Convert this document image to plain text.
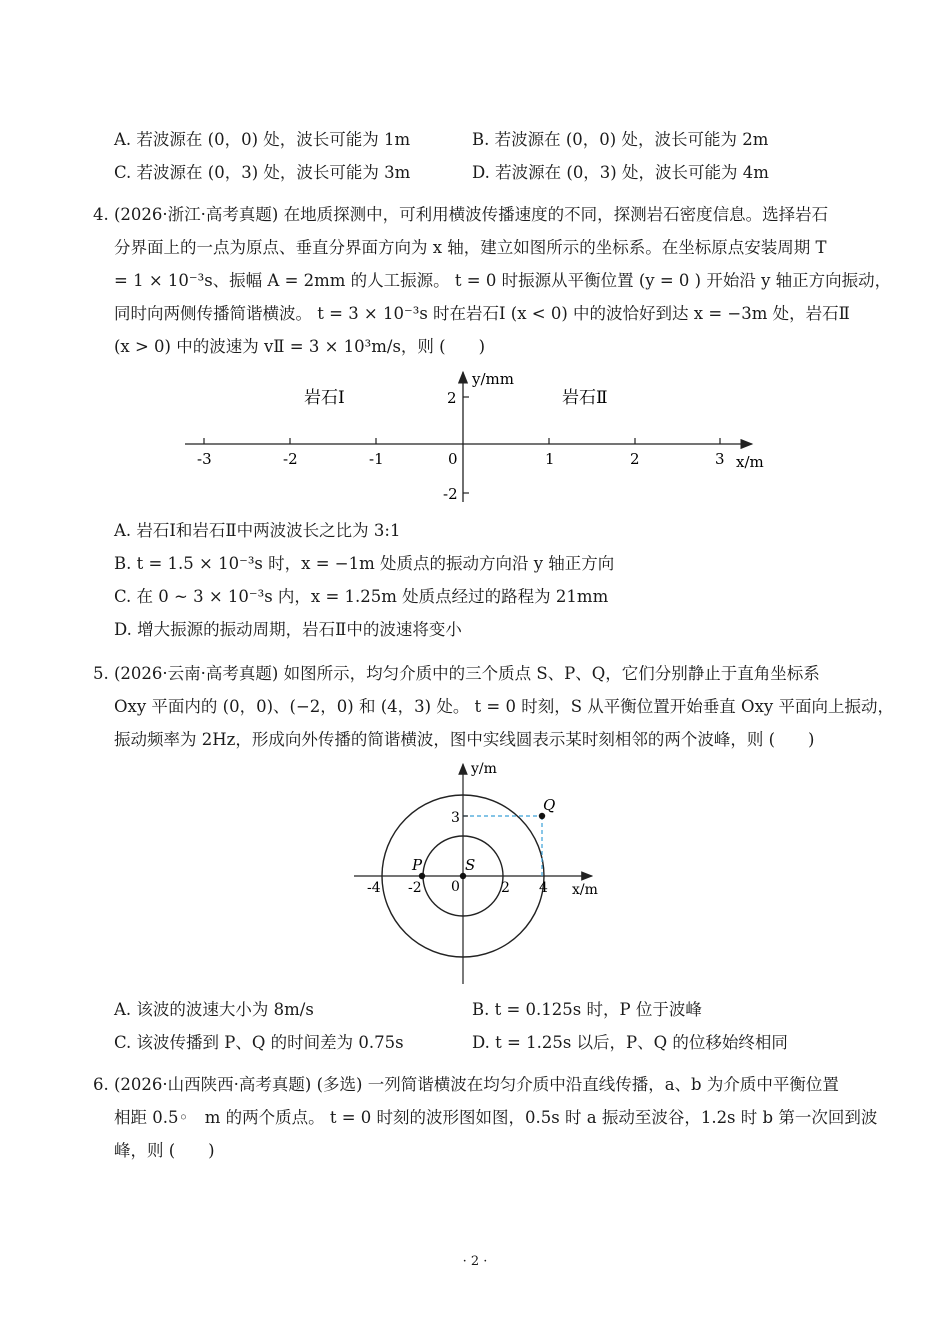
A. 若波源在 (0，0) 处，波长可能为 1m	B. 若波源在 (0，0) 处，波长可能为 2m
C. 若波源在 (0，3) 处，波长可能为 3m	D. 若波源在 (0，3) 处，波长可能为 4m
4. (2026·浙江·高考真题) 在地质探测中，可利用横波传播速度的不同，探测岩石密度信息。选择岩石
分界面上的一点为原点、垂直分界面方向为 x 轴，建立如图所示的坐标系。在坐标原点安装周期 T
= 1 × 10⁻³s、振幅 A = 2mm 的人工振源。 t = 0 时振源从平衡位置 (y = 0 ) 开始沿 y 轴正方向振动，
同时向两侧传播简谐横波。 t = 3 × 10⁻³s 时在岩石Ⅰ (x < 0) 中的波恰好到达 x = −3m 处，岩石Ⅱ
(x > 0) 中的波速为 vⅡ = 3 × 10³m/s，则 (　　)
岩石Ⅰ	岩石Ⅱ
y/mm
x/m
-3	-2	-1	0	1	2	3
2
-2
A. 岩石Ⅰ和岩石Ⅱ中两波波长之比为 3:1
B. t = 1.5 × 10⁻³s 时，x = −1m 处质点的振动方向沿 y 轴正方向
C. 在 0 ~ 3 × 10⁻³s 内，x = 1.25m 处质点经过的路程为 21mm
D. 增大振源的振动周期，岩石Ⅱ中的波速将变小
5. (2026·云南·高考真题) 如图所示，均匀介质中的三个质点 S、P、Q，它们分别静止于直角坐标系
Oxy 平面内的 (0，0)、(−2，0) 和 (4，3) 处。 t = 0 时刻，S 从平衡位置开始垂直 Oxy 平面向上振动，
振动频率为 2Hz，形成向外传播的简谐横波，图中实线圆表示某时刻相邻的两个波峰，则 (　　)
y/m
x/m
Q
P	S
0
3
-4 -2	2 4
A. 该波的波速大小为 8m/s	B. t = 0.125s 时，P 位于波峰
C. 该波传播到 P、Q 的时间差为 0.75s	D. t = 1.25s 以后，P、Q 的位移始终相同
6. (2026·山西陕西·高考真题) (多选) 一列简谐横波在均匀介质中沿直线传播，a、b 为介质中平衡位置
相距 0.5◦　m 的两个质点。 t = 0 时刻的波形图如图，0.5s 时 a 振动至波谷，1.2s 时 b 第一次回到波
峰，则 (　　)
· 2 ·
